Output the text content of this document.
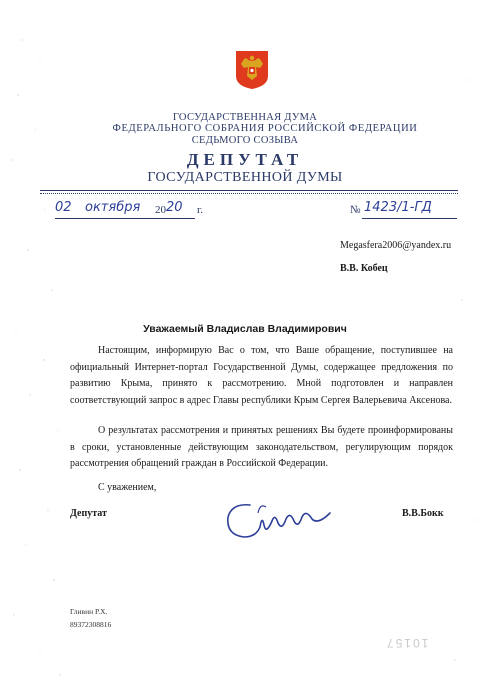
ГОСУДАРСТВЕННАЯ ДУМА
ФЕДЕРАЛЬНОГО СОБРАНИЯ РОССИЙСКОЙ ФЕДЕРАЦИИ
СЕДЬМОГО СОЗЫВА
ДЕПУТАТ
ГОСУДАРСТВЕННОЙ ДУМЫ
02 октября 20 20 г.	№ 1423/1-ГД
Megasfera2006@yandex.ru
В.В. Кобец
Уважаемый Владислав Владимирович

Настоящим, информирую Вас о том, что Ваше обращение, поступившее на официальный Интернет-портал Государственной Думы, содержащее предложения по развитию Крыма, принято к рассмотрению. Мной подготовлен и направлен соответствующий запрос в адрес Главы республики Крым Сергея Валерьевича Аксенова.

О результатах рассмотрения и принятых решениях Вы будете проинформированы в сроки, установленные действующим законодательством, регулирующим порядок рассмотрения обращений граждан в Российской Федерации.

С уважением,
Депутат	В.В.Бокк
Гливин Р.Х.
89372308816
10157
